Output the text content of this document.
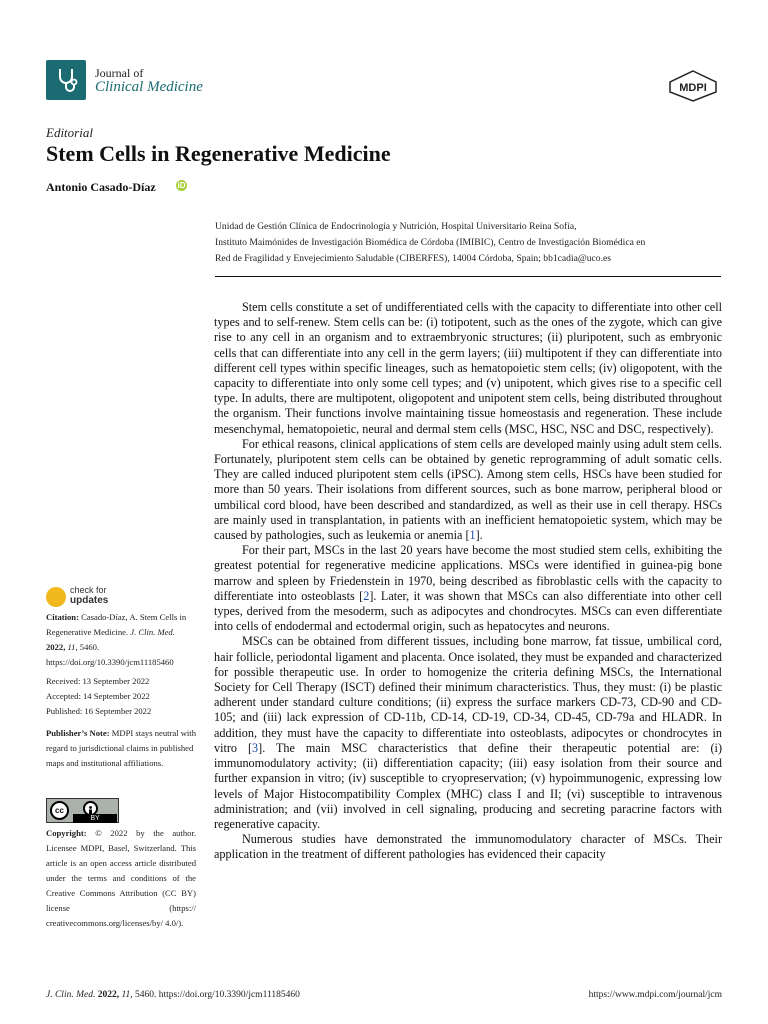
Journal of
Clinical Medicine	MDPI
Editorial
Stem Cells in Regenerative Medicine
Antonio Casado-Díaz	iD
Unidad de Gestión Clínica de Endocrinología y Nutrición, Hospital Universitario Reina Sofía,
Instituto Maimónides de Investigación Biomédica de Córdoba (IMIBIC), Centro de Investigación Biomédica en
Red de Fragilidad y Envejecimiento Saludable (CIBERFES), 14004 Córdoba, Spain; bb1cadia@uco.es
check for
updates
Citation: Casado-Díaz, A. Stem Cells in Regenerative Medicine. J. Clin. Med. 2022, 11, 5460. https://doi.org/10.3390/jcm11185460
Received: 13 September 2022
Accepted: 14 September 2022
Published: 16 September 2022
Publisher’s Note: MDPI stays neutral with regard to jurisdictional claims in published maps and institutional affiliations.
cc
BY
Copyright: © 2022 by the author. Licensee MDPI, Basel, Switzerland. This article is an open access article distributed under the terms and conditions of the Creative Commons Attribution (CC BY) license (https:// creativecommons.org/licenses/by/ 4.0/).

Stem cells constitute a set of undifferentiated cells with the capacity to differentiate into other cell types and to self-renew. Stem cells can be: (i) totipotent, such as the ones of the zygote, which can give rise to any cell in an organism and to extraembryonic structures; (ii) pluripotent, such as embryonic cells that can differentiate into any cell in the germ layers; (iii) multipotent if they can differentiate into different cell types within specific lineages, such as hematopoietic stem cells; (iv) oligopotent, with the capacity to differentiate into only some cell types; and (v) unipotent, which gives rise to a specific cell type. In adults, there are multipotent, oligopotent and unipotent stem cells, being distributed throughout the organism. Their functions involve maintaining tissue homeostasis and regeneration. These include mesenchymal, hematopoietic, neural and dermal stem cells (MSC, HSC, NSC and DSC, respectively).

For ethical reasons, clinical applications of stem cells are developed mainly using adult stem cells. Fortunately, pluripotent stem cells can be obtained by genetic reprogramming of adult somatic cells. They are called induced pluripotent stem cells (iPSC). Among stem cells, HSCs have been studied for more than 50 years. Their isolations from different sources, such as bone marrow, peripheral blood or umbilical cord blood, have been described and standardized, as well as their use in cell therapy. HSCs are mainly used in transplantation, in patients with an inefficient hematopoietic system, which may be caused by pathologies, such as leukemia or anemia [1].

For their part, MSCs in the last 20 years have become the most studied stem cells, exhibiting the greatest potential for regenerative medicine applications. MSCs were identified in guinea-pig bone marrow and spleen by Friedenstein in 1970, being described as fibroblastic cells with the capacity to differentiate into osteoblasts [2]. Later, it was shown that MSCs can also differentiate into other cell types, derived from the mesoderm, such as adipocytes and chondrocytes. MSCs can even differentiate into cells of endodermal and ectodermal origin, such as hepatocytes and neurons.

MSCs can be obtained from different tissues, including bone marrow, fat tissue, umbilical cord, hair follicle, periodontal ligament and placenta. Once isolated, they must be expanded and characterized for possible therapeutic use. In order to homogenize the criteria defining MSCs, the International Society for Cell Therapy (ISCT) defined their minimum characteristics. Thus, they must: (i) be plastic adherent under standard culture conditions; (ii) express the surface markers CD-73, CD-90 and CD-105; and (iii) lack expression of CD-11b, CD-14, CD-19, CD-34, CD-45, CD-79a and HLADR. In addition, they must have the capacity to differentiate into osteoblasts, adipocytes or chondrocytes in vitro [3]. The main MSC characteristics that define their therapeutic potential are: (i) immunomodulatory activity; (ii) differentiation capacity; (iii) easy isolation from their source and further expansion in vitro; (iv) susceptible to cryopreservation; (v) hypoimmunogenic, expressing low levels of Major Histocompatibility Complex (MHC) class I and II; (vi) susceptible to intravenous administration; and (vii) involved in cell signaling, producing and secreting paracrine factors with regenerative capacity.

Numerous studies have demonstrated the immunomodulatory character of MSCs. Their application in the treatment of different pathologies has evidenced their capacity

J. Clin. Med. 2022, 11, 5460. https://doi.org/10.3390/jcm11185460	https://www.mdpi.com/journal/jcm
